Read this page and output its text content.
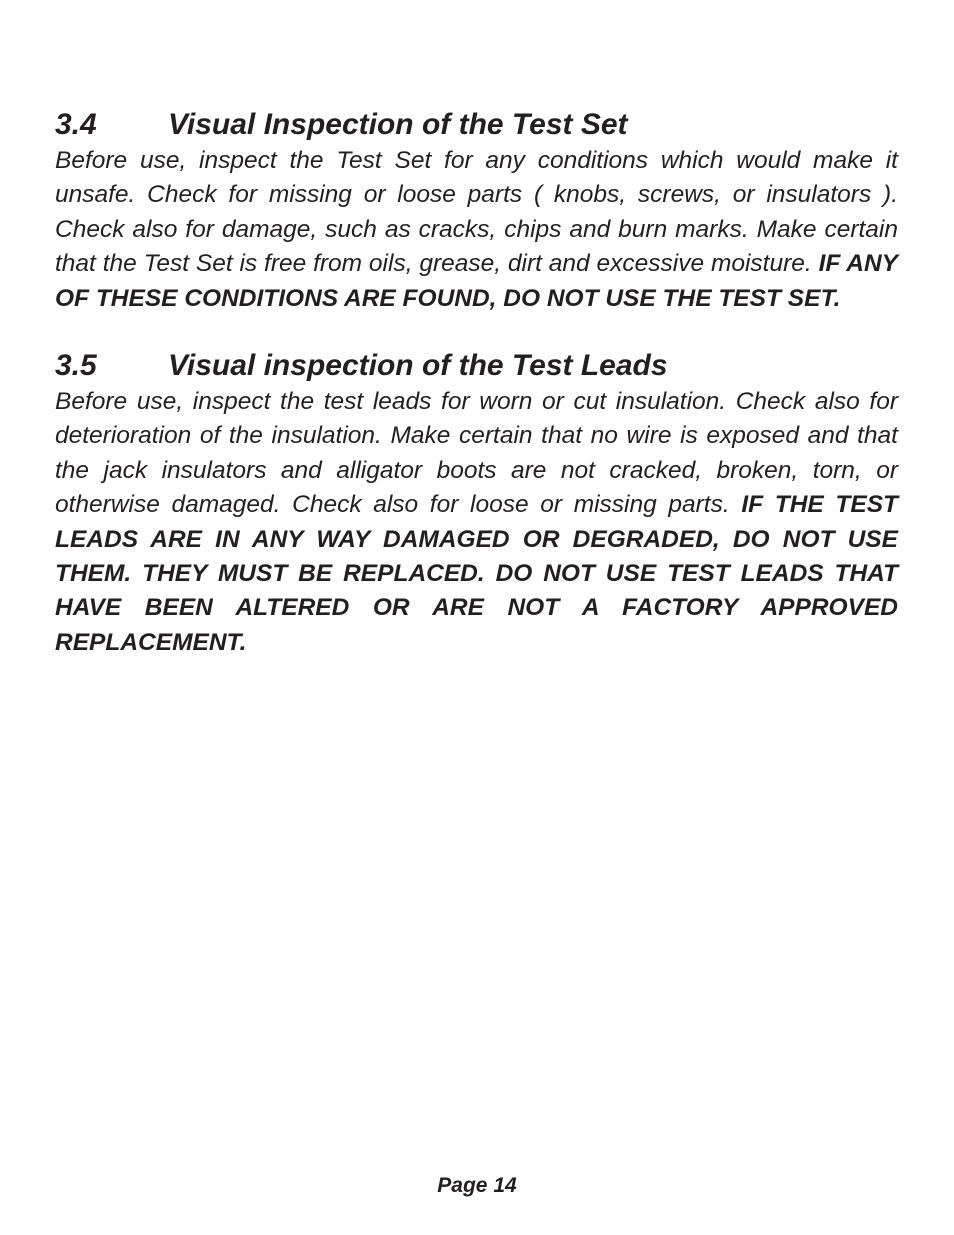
3.4	Visual Inspection of the Test Set

Before use, inspect the Test Set for any conditions which would make it unsafe. Check for missing or loose parts ( knobs, screws, or insulators ). Check also for damage, such as cracks, chips and burn marks. Make certain that the Test Set is free from oils, grease, dirt and excessive moisture. IF ANY OF THESE CONDITIONS ARE FOUND, DO NOT USE THE TEST SET.

3.5	Visual inspection of the Test Leads

Before use, inspect the test leads for worn or cut insulation. Check also for deterioration of the insulation. Make certain that no wire is exposed and that the jack insulators and alligator boots are not cracked, broken, torn, or otherwise damaged. Check also for loose or missing parts. IF THE TEST LEADS ARE IN ANY WAY DAMAGED OR DEGRADED, DO NOT USE THEM. THEY MUST BE REPLACED. DO NOT USE TEST LEADS THAT HAVE BEEN ALTERED OR ARE NOT A FACTORY APPROVED REPLACEMENT.

Page 14
